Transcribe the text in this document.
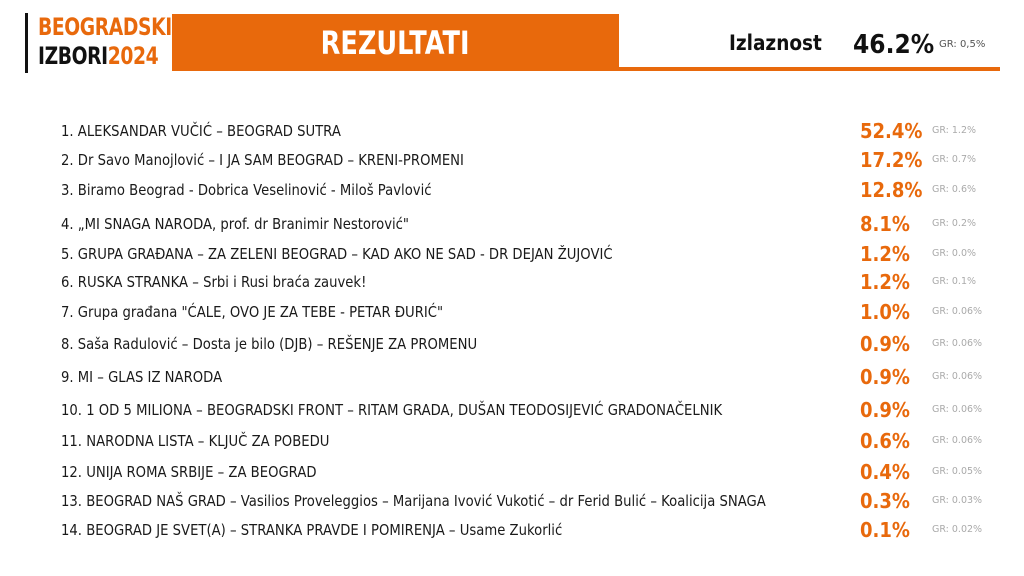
BEOGRADSKI
IZBORI2024	REZULTATI	Izlaznost 46.2% GR: 0,5%
1. ALEKSANDAR VUČIĆ – BEOGRAD SUTRA	52.4% GR: 1.2%
2. Dr Savo Manojlović – I JA SAM BEOGRAD – KRENI-PROMENI	17.2% GR: 0.7%
3. Biramo Beograd - Dobrica Veselinović - Miloš Pavlović	12.8% GR: 0.6%
4. „MI SNAGA NARODA, prof. dr Branimir Nestorović"	8.1% GR: 0.2%
5. GRUPA GRAĐANA – ZA ZELENI BEOGRAD – KAD AKO NE SAD - DR DEJAN ŽUJOVIĆ	1.2% GR: 0.0%
6. RUSKA STRANKA – Srbi i Rusi braća zauvek!	1.2% GR: 0.1%
7. Grupa građana "ĆALE, OVO JE ZA TEBE - PETAR ĐURIĆ"	1.0% GR: 0.06%
8. Saša Radulović – Dosta je bilo (DJB) – REŠENJE ZA PROMENU	0.9% GR: 0.06%
9. MI – GLAS IZ NARODA	0.9% GR: 0.06%
10. 1 OD 5 MILIONA – BEOGRADSKI FRONT – RITAM GRADA, DUŠAN TEODOSIJEVIĆ GRADONAČELNIK	0.9% GR: 0.06%
11. NARODNA LISTA – KLJUČ ZA POBEDU	0.6% GR: 0.06%
12. UNIJA ROMA SRBIJE – ZA BEOGRAD	0.4% GR: 0.05%
13. BEOGRAD NAŠ GRAD – Vasilios Proveleggios – Marijana Ivović Vukotić – dr Ferid Bulić – Koalicija SNAGA	0.3% GR: 0.03%
14. BEOGRAD JE SVET(A) – STRANKA PRAVDE I POMIRENJA – Usame Zukorlić	0.1% GR: 0.02%
